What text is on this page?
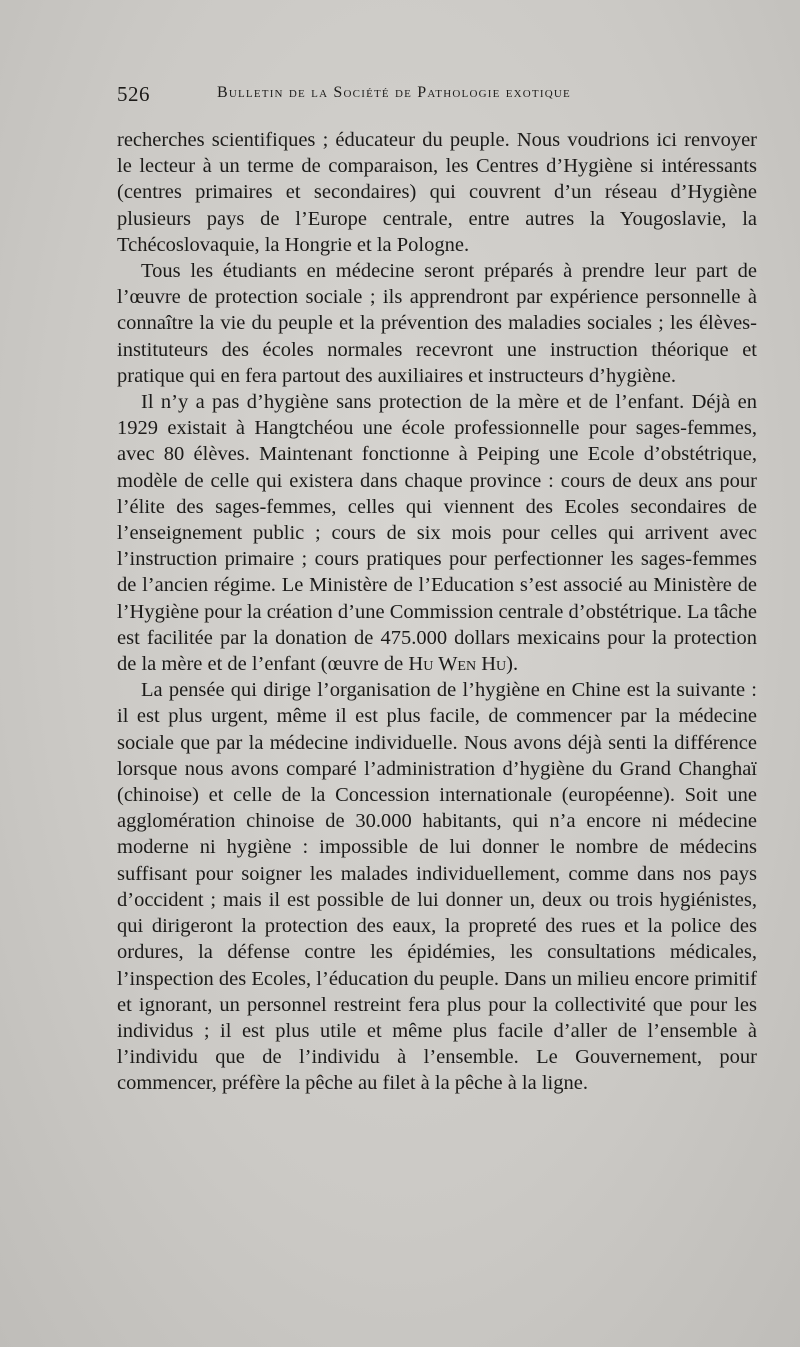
526	Bulletin de la Société de Pathologie exotique

recherches scientifiques ; éducateur du peuple. Nous voudrions ici renvoyer le lecteur à un terme de comparaison, les Centres d’Hygiène si intéressants (centres primaires et secondaires) qui couvrent d’un réseau d’Hygiène plusieurs pays de l’Europe centrale, entre autres la Yougoslavie, la Tchécoslovaquie, la Hongrie et la Pologne.

Tous les étudiants en médecine seront préparés à prendre leur part de l’œuvre de protection sociale ; ils apprendront par expérience personnelle à connaître la vie du peuple et la prévention des maladies sociales ; les élèves-instituteurs des écoles normales recevront une instruction théorique et pratique qui en fera partout des auxiliaires et instructeurs d’hygiène.

Il n’y a pas d’hygiène sans protection de la mère et de l’enfant. Déjà en 1929 existait à Hangtchéou une école professionnelle pour sages-femmes, avec 80 élèves. Maintenant fonctionne à Peiping une Ecole d’obstétrique, modèle de celle qui existera dans chaque province : cours de deux ans pour l’élite des sages-femmes, celles qui viennent des Ecoles secondaires de l’enseignement public ; cours de six mois pour celles qui arrivent avec l’instruction primaire ; cours pratiques pour perfectionner les sages-femmes de l’ancien régime. Le Ministère de l’Education s’est associé au Ministère de l’Hygiène pour la création d’une Commission centrale d’obstétrique. La tâche est facilitée par la donation de 475.000 dollars mexicains pour la protection de la mère et de l’enfant (œuvre de Hu Wen Hu).

La pensée qui dirige l’organisation de l’hygiène en Chine est la suivante : il est plus urgent, même il est plus facile, de commencer par la médecine sociale que par la médecine individuelle. Nous avons déjà senti la différence lorsque nous avons comparé l’administration d’hygiène du Grand Changhaï (chinoise) et celle de la Concession internationale (européenne). Soit une agglomération chinoise de 30.000 habitants, qui n’a encore ni médecine moderne ni hygiène : impossible de lui donner le nombre de médecins suffisant pour soigner les malades individuellement, comme dans nos pays d’occident ; mais il est possible de lui donner un, deux ou trois hygiénistes, qui dirigeront la protection des eaux, la propreté des rues et la police des ordures, la défense contre les épidémies, les consultations médicales, l’inspection des Ecoles, l’éducation du peuple. Dans un milieu encore primitif et ignorant, un personnel restreint fera plus pour la collectivité que pour les individus ; il est plus utile et même plus facile d’aller de l’ensemble à l’individu que de l’individu à l’ensemble. Le Gouvernement, pour commencer, préfère la pêche au filet à la pêche à la ligne.
